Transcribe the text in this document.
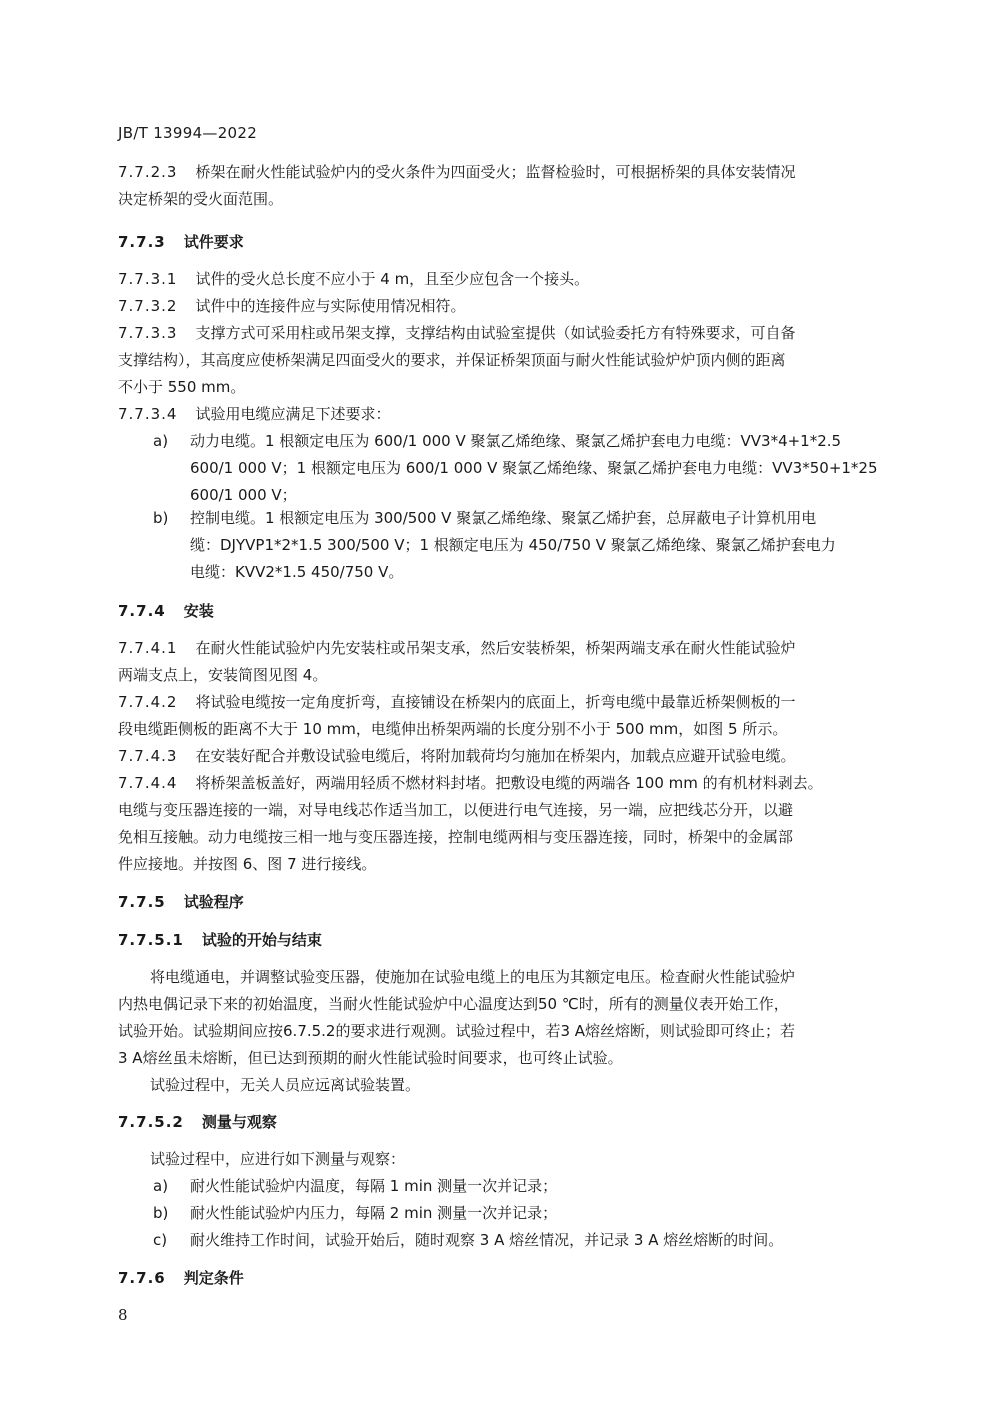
JB/T 13994—2022
7.7.2.3 桥架在耐火性能试验炉内的受火条件为四面受火；监督检验时，可根据桥架的具体安装情况
决定桥架的受火面范围。
7.7.3 试件要求
7.7.3.1 试件的受火总长度不应小于 4 m，且至少应包含一个接头。
7.7.3.2 试件中的连接件应与实际使用情况相符。
7.7.3.3 支撑方式可采用柱或吊架支撑，支撑结构由试验室提供（如试验委托方有特殊要求，可自备
支撑结构），其高度应使桥架满足四面受火的要求，并保证桥架顶面与耐火性能试验炉炉顶内侧的距离
不小于 550 mm。
7.7.3.4 试验用电缆应满足下述要求：
a) 动力电缆。1 根额定电压为 600/1 000 V 聚氯乙烯绝缘、聚氯乙烯护套电力电缆：VV3*4+1*2.5
600/1 000 V；1 根额定电压为 600/1 000 V 聚氯乙烯绝缘、聚氯乙烯护套电力电缆：VV3*50+1*25
600/1 000 V；
b) 控制电缆。1 根额定电压为 300/500 V 聚氯乙烯绝缘、聚氯乙烯护套，总屏蔽电子计算机用电
缆：DJYVP1*2*1.5 300/500 V；1 根额定电压为 450/750 V 聚氯乙烯绝缘、聚氯乙烯护套电力
电缆：KVV2*1.5 450/750 V。
7.7.4 安装
7.7.4.1 在耐火性能试验炉内先安装柱或吊架支承，然后安装桥架，桥架两端支承在耐火性能试验炉
两端支点上，安装简图见图 4。
7.7.4.2 将试验电缆按一定角度折弯，直接铺设在桥架内的底面上，折弯电缆中最靠近桥架侧板的一
段电缆距侧板的距离不大于 10 mm，电缆伸出桥架两端的长度分别不小于 500 mm，如图 5 所示。
7.7.4.3 在安装好配合并敷设试验电缆后，将附加载荷均匀施加在桥架内，加载点应避开试验电缆。
7.7.4.4 将桥架盖板盖好，两端用轻质不燃材料封堵。把敷设电缆的两端各 100 mm 的有机材料剥去。
电缆与变压器连接的一端，对导电线芯作适当加工，以便进行电气连接，另一端，应把线芯分开，以避
免相互接触。动力电缆按三相一地与变压器连接，控制电缆两相与变压器连接，同时，桥架中的金属部
件应接地。并按图 6、图 7 进行接线。
7.7.5 试验程序
7.7.5.1 试验的开始与结束
将电缆通电，并调整试验变压器，使施加在试验电缆上的电压为其额定电压。检查耐火性能试验炉
内热电偶记录下来的初始温度，当耐火性能试验炉中心温度达到50 ℃时，所有的测量仪表开始工作，
试验开始。试验期间应按6.7.5.2的要求进行观测。试验过程中，若3 A熔丝熔断，则试验即可终止；若
3 A熔丝虽未熔断，但已达到预期的耐火性能试验时间要求，也可终止试验。
试验过程中，无关人员应远离试验装置。
7.7.5.2 测量与观察
试验过程中，应进行如下测量与观察：
a) 耐火性能试验炉内温度，每隔 1 min 测量一次并记录；
b) 耐火性能试验炉内压力，每隔 2 min 测量一次并记录；
c) 耐火维持工作时间，试验开始后，随时观察 3 A 熔丝情况，并记录 3 A 熔丝熔断的时间。
7.7.6 判定条件
8
